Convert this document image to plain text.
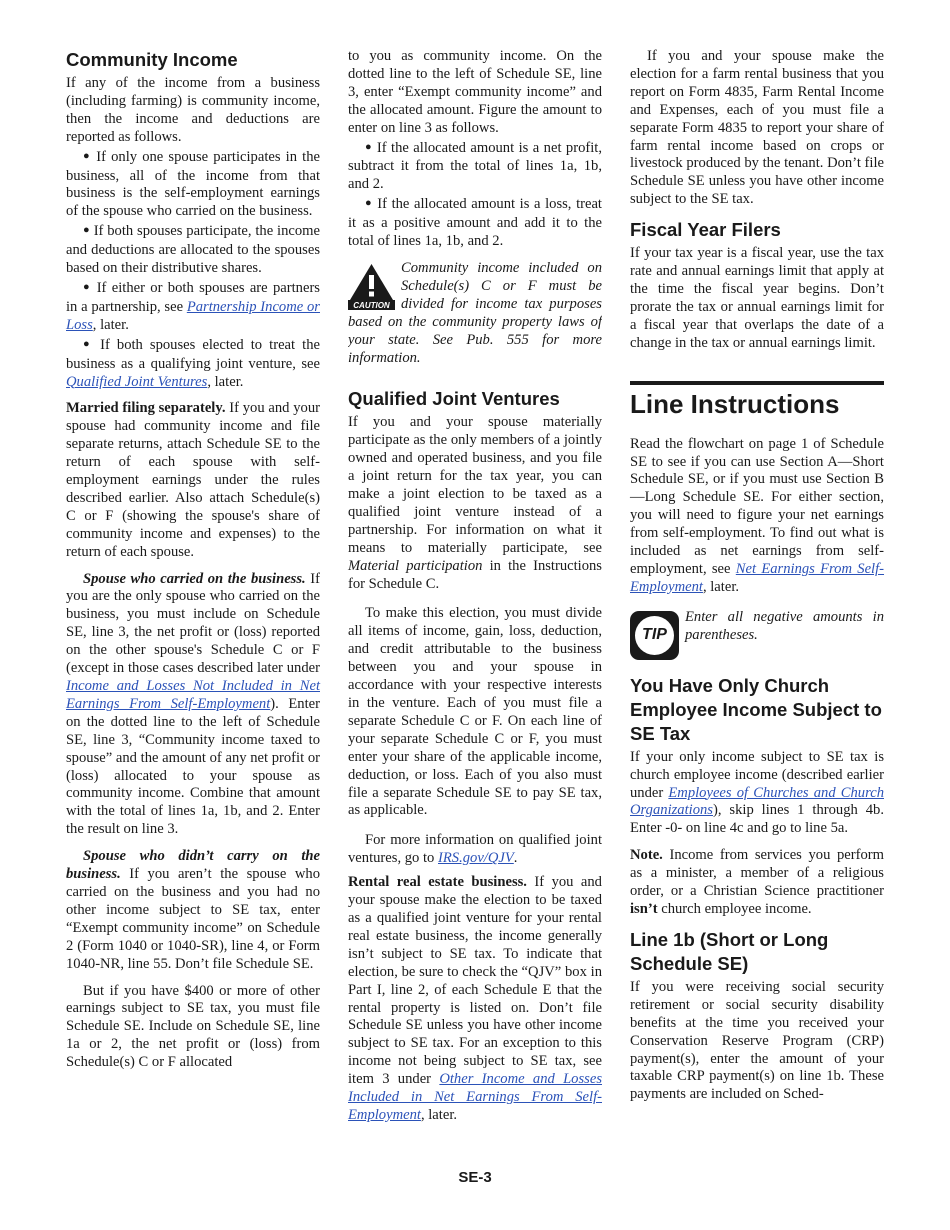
Community Income

If any of the income from a business (including farming) is community income, then the income and deductions are reported as follows.

● If only one spouse participates in the business, all of the income from that business is the self-employment earnings of the spouse who carried on the business.

● If both spouses participate, the income and deductions are allocated to the spouses based on their distributive shares.

● If either or both spouses are partners in a partnership, see Partnership Income or Loss, later.

● If both spouses elected to treat the business as a qualifying joint venture, see Qualified Joint Ventures, later.

Married filing separately. If you and your spouse had community income and file separate returns, attach Schedule SE to the return of each spouse with self-employment earnings under the rules described earlier. Also attach Schedule(s) C or F (showing the spouse's share of community income and expenses) to the return of each spouse.

Spouse who carried on the business. If you are the only spouse who carried on the business, you must include on Schedule SE, line 3, the net profit or (loss) reported on the other spouse's Schedule C or F (except in those cases described later under Income and Losses Not Included in Net Earnings From Self-Employment). Enter on the dotted line to the left of Schedule SE, line 3, “Community income taxed to spouse” and the amount of any net profit or (loss) allocated to your spouse as community income. Combine that amount with the total of lines 1a, 1b, and 2. Enter the result on line 3.

Spouse who didn’t carry on the business. If you aren’t the spouse who carried on the business and you had no other income subject to SE tax, enter “Exempt community income” on Schedule 2 (Form 1040 or 1040-SR), line 4, or Form 1040-NR, line 55. Don’t file Schedule SE.

But if you have $400 or more of other earnings subject to SE tax, you must file Schedule SE. Include on Schedule SE, line 1a or 2, the net profit or (loss) from Schedule(s) C or F allocated

to you as community income. On the dotted line to the left of Schedule SE, line 3, enter “Exempt community income” and the allocated amount. Figure the amount to enter on line 3 as follows.

● If the allocated amount is a net profit, subtract it from the total of lines 1a, 1b, and 2.

● If the allocated amount is a loss, treat it as a positive amount and add it to the total of lines 1a, 1b, and 2.

CAUTION
Community income included on Schedule(s) C or F must be divided for income tax purposes based on the community property laws of your state. See Pub. 555 for more information.
Qualified Joint Ventures

If you and your spouse materially participate as the only members of a jointly owned and operated business, and you file a joint return for the tax year, you can make a joint election to be taxed as a qualified joint venture instead of a partnership. For information on what it means to materially participate, see Material participation in the Instructions for Schedule C.

To make this election, you must divide all items of income, gain, loss, deduction, and credit attributable to the business between you and your spouse in accordance with your respective interests in the venture. Each of you must file a separate Schedule C or F. On each line of your separate Schedule C or F, you must enter your share of the applicable income, deduction, or loss. Each of you also must file a separate Schedule SE to pay SE tax, as applicable.

For more information on qualified joint ventures, go to IRS.gov/QJV.

Rental real estate business. If you and your spouse make the election to be taxed as a qualified joint venture for your rental real estate business, the income generally isn’t subject to SE tax. To indicate that election, be sure to check the “QJV” box in Part I, line 2, of each Schedule E that the rental property is listed on. Don’t file Schedule SE unless you have other income subject to SE tax. For an exception to this income not being subject to SE tax, see item 3 under Other Income and Losses Included in Net Earnings From Self-Employment, later.

If you and your spouse make the election for a farm rental business that you report on Form 4835, Farm Rental Income and Expenses, each of you must file a separate Form 4835 to report your share of farm rental income based on crops or livestock produced by the tenant. Don’t file Schedule SE unless you have other income subject to the SE tax.

Fiscal Year Filers

If your tax year is a fiscal year, use the tax rate and annual earnings limit that apply at the time the fiscal year begins. Don’t prorate the tax or annual earnings limit for a fiscal year that overlaps the date of a change in the tax or annual earnings limit.

Line Instructions

Read the flowchart on page 1 of Schedule SE to see if you can use Section A—Short Schedule SE, or if you must use Section B—Long Schedule SE. For either section, you will need to figure your net earnings from self-employment. To find out what is included as net earnings from self-employment, see Net Earnings From Self-Employment, later.

TIP
Enter all negative amounts in parentheses.
You Have Only Church Employee Income Subject to SE Tax

If your only income subject to SE tax is church employee income (described earlier under Employees of Churches and Church Organizations), skip lines 1 through 4b. Enter -0- on line 4c and go to line 5a.

Note. Income from services you perform as a minister, a member of a religious order, or a Christian Science practitioner isn’t church employee income.

Line 1b (Short or Long Schedule SE)

If you were receiving social security retirement or social security disability benefits at the time you received your Conservation Reserve Program (CRP) payment(s), enter the amount of your taxable CRP payment(s) on line 1b. These payments are included on Sched-

SE-3
